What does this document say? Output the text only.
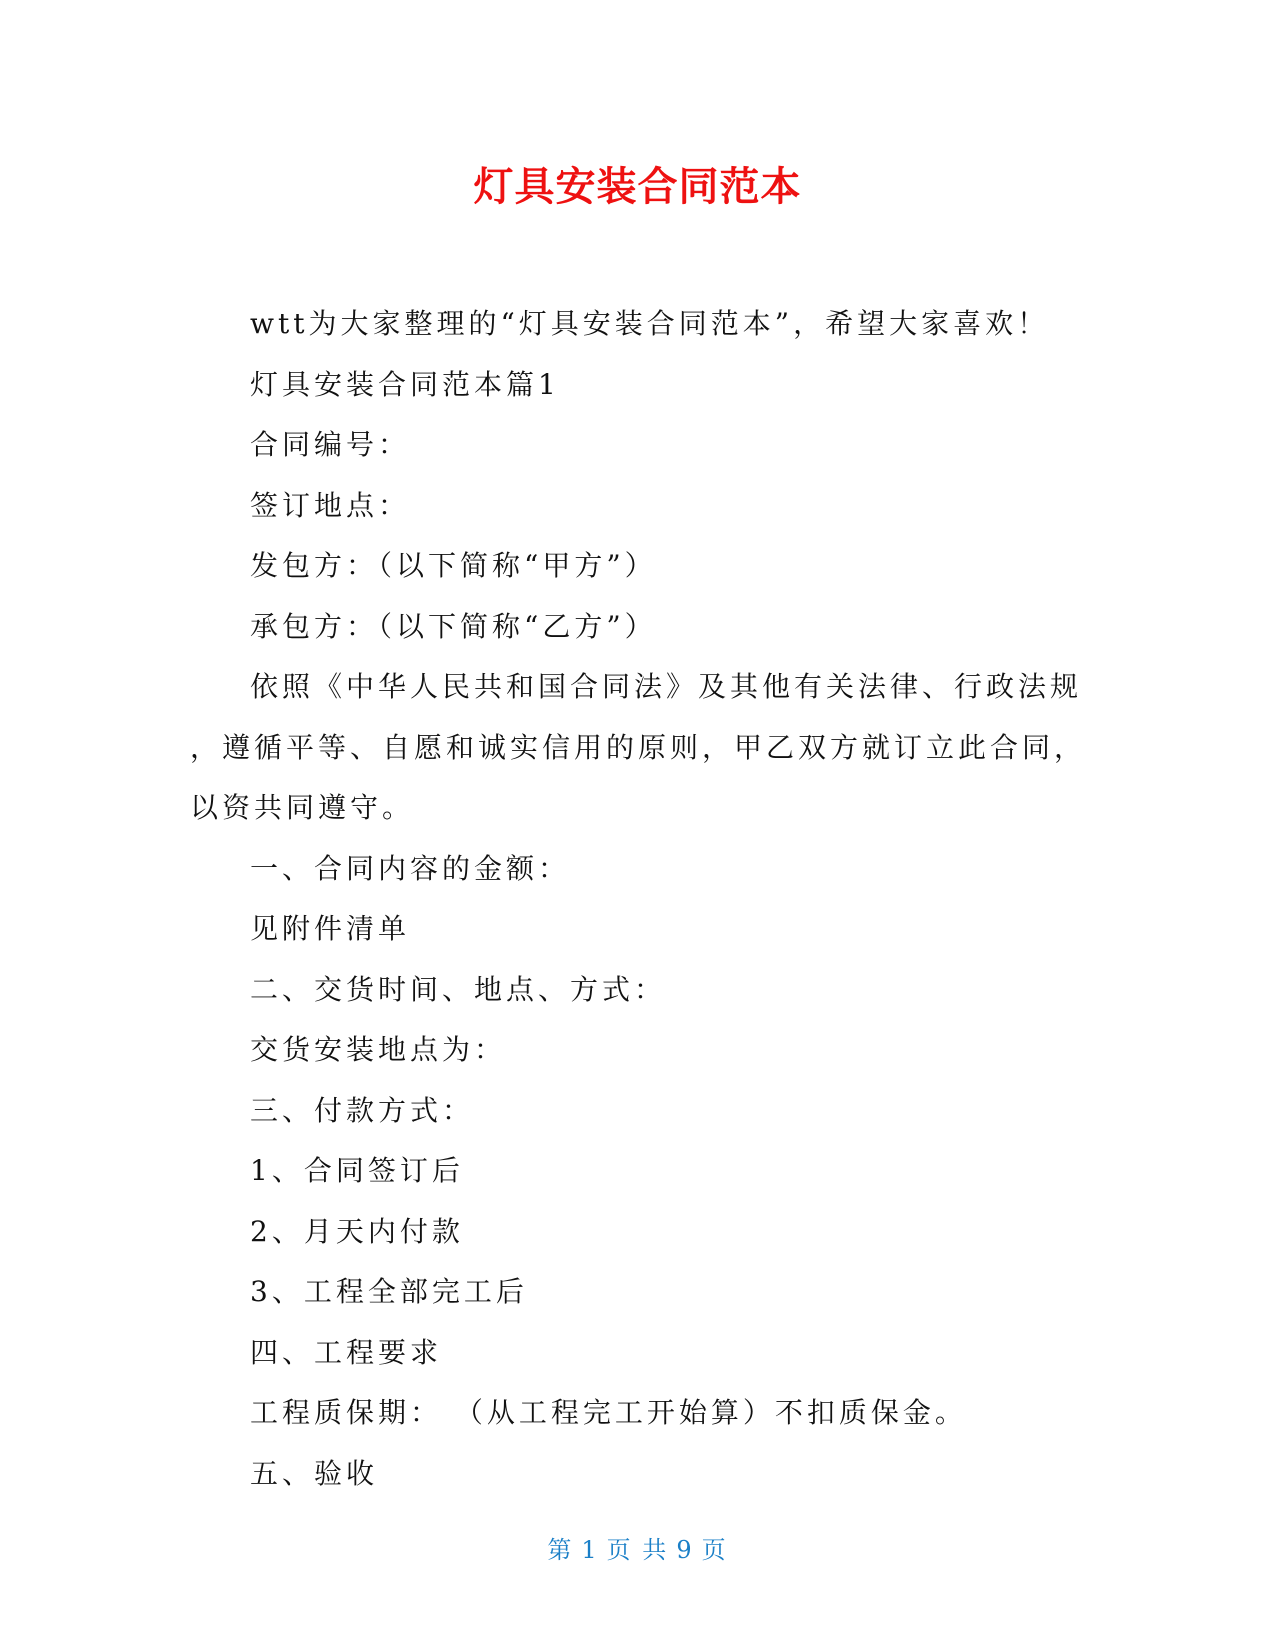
灯具安装合同范本

wtt为大家整理的“灯具安装合同范本”，希望大家喜欢！

灯具安装合同范本篇1

合同编号：

签订地点：

发包方：（以下简称“甲方”）

承包方：（以下简称“乙方”）

依照《中华人民共和国合同法》及其他有关法律、行政法规

，遵循平等、自愿和诚实信用的原则，甲乙双方就订立此合同，

以资共同遵守。

一、合同内容的金额：

见附件清单

二、交货时间、地点、方式：

交货安装地点为：

三、付款方式：

1、合同签订后

2、月天内付款

3、工程全部完工后

四、工程要求

工程质保期： （从工程完工开始算）不扣质保金。

五、验收

第 1 页 共 9 页
